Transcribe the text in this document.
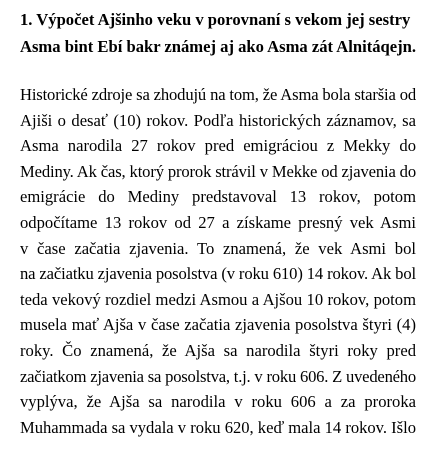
1. Výpočet Ajšinho veku v porovnaní s vekom jej sestry
Asma bint Ebí bakr známej aj ako Asma zát Alnitáqejn.
Historické zdroje sa zhodujú na tom, že Asma bola staršia od
Ajiši o desať (10) rokov. Podľa historických záznamov, sa
Asma narodila 27 rokov pred emigráciou z Mekky do
Mediny. Ak čas, ktorý prorok strávil v Mekke od zjavenia do
emigrácie do Mediny predstavoval 13 rokov, potom
odpočítame 13 rokov od 27 a získame presný vek Asmi
v čase začatia zjavenia. To znamená, že vek Asmi bol
na začiatku zjavenia posolstva (v roku 610) 14 rokov. Ak bol
teda vekový rozdiel medzi Asmou a Ajšou 10 rokov, potom
musela mať Ajša v čase začatia zjavenia posolstva štyri (4)
roky. Čo znamená, že Ajša sa narodila štyri roky pred
začiatkom zjavenia sa posolstva, t.j. v roku 606. Z uvedeného
vyplýva, že Ajša sa narodila v roku 606 a za proroka
Muhammada sa vydala v roku 620, keď mala 14 rokov. Išlo
